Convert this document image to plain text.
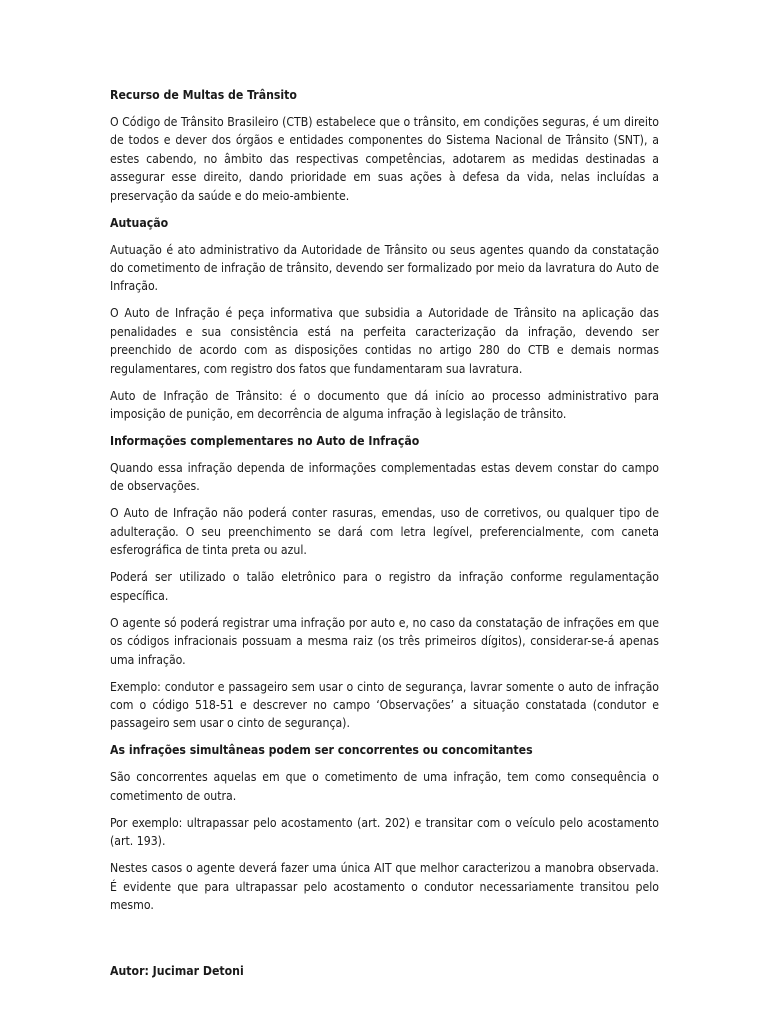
Recurso de Multas de Trânsito

O Código de Trânsito Brasileiro (CTB) estabelece que o trânsito, em condições seguras, é um direito de todos e dever dos órgãos e entidades componentes do Sistema Nacional de Trânsito (SNT), a estes cabendo, no âmbito das respectivas competências, adotarem as medidas destinadas a assegurar esse direito, dando prioridade em suas ações à defesa da vida, nelas incluídas a preservação da saúde e do meio-ambiente.

Autuação

Autuação é ato administrativo da Autoridade de Trânsito ou seus agentes quando da constatação do cometimento de infração de trânsito, devendo ser formalizado por meio da lavratura do Auto de Infração.

O Auto de Infração é peça informativa que subsidia a Autoridade de Trânsito na aplicação das penalidades e sua consistência está na perfeita caracterização da infração, devendo ser preenchido de acordo com as disposições contidas no artigo 280 do CTB e demais normas regulamentares, com registro dos fatos que fundamentaram sua lavratura.

Auto de Infração de Trânsito: é o documento que dá início ao processo administrativo para imposição de punição, em decorrência de alguma infração à legislação de trânsito.

Informações complementares no Auto de Infração

Quando essa infração dependa de informações complementadas estas devem constar do campo de observações.

O Auto de Infração não poderá conter rasuras, emendas, uso de corretivos, ou qualquer tipo de adulteração. O seu preenchimento se dará com letra legível, preferencialmente, com caneta esferográfica de tinta preta ou azul.

Poderá ser utilizado o talão eletrônico para o registro da infração conforme regulamentação específica.

O agente só poderá registrar uma infração por auto e, no caso da constatação de infrações em que os códigos infracionais possuam a mesma raiz (os três primeiros dígitos), considerar-se-á apenas uma infração.

Exemplo: condutor e passageiro sem usar o cinto de segurança, lavrar somente o auto de infração com o código 518-51 e descrever no campo ‘Observações’ a situação constatada (condutor e passageiro sem usar o cinto de segurança).

As infrações simultâneas podem ser concorrentes ou concomitantes

São concorrentes aquelas em que o cometimento de uma infração, tem como consequência o cometimento de outra.

Por exemplo: ultrapassar pelo acostamento (art. 202) e transitar com o veículo pelo acostamento (art. 193).

Nestes casos o agente deverá fazer uma única AIT que melhor caracterizou a manobra observada. É evidente que para ultrapassar pelo acostamento o condutor necessariamente transitou pelo mesmo.

Autor: Jucimar Detoni
